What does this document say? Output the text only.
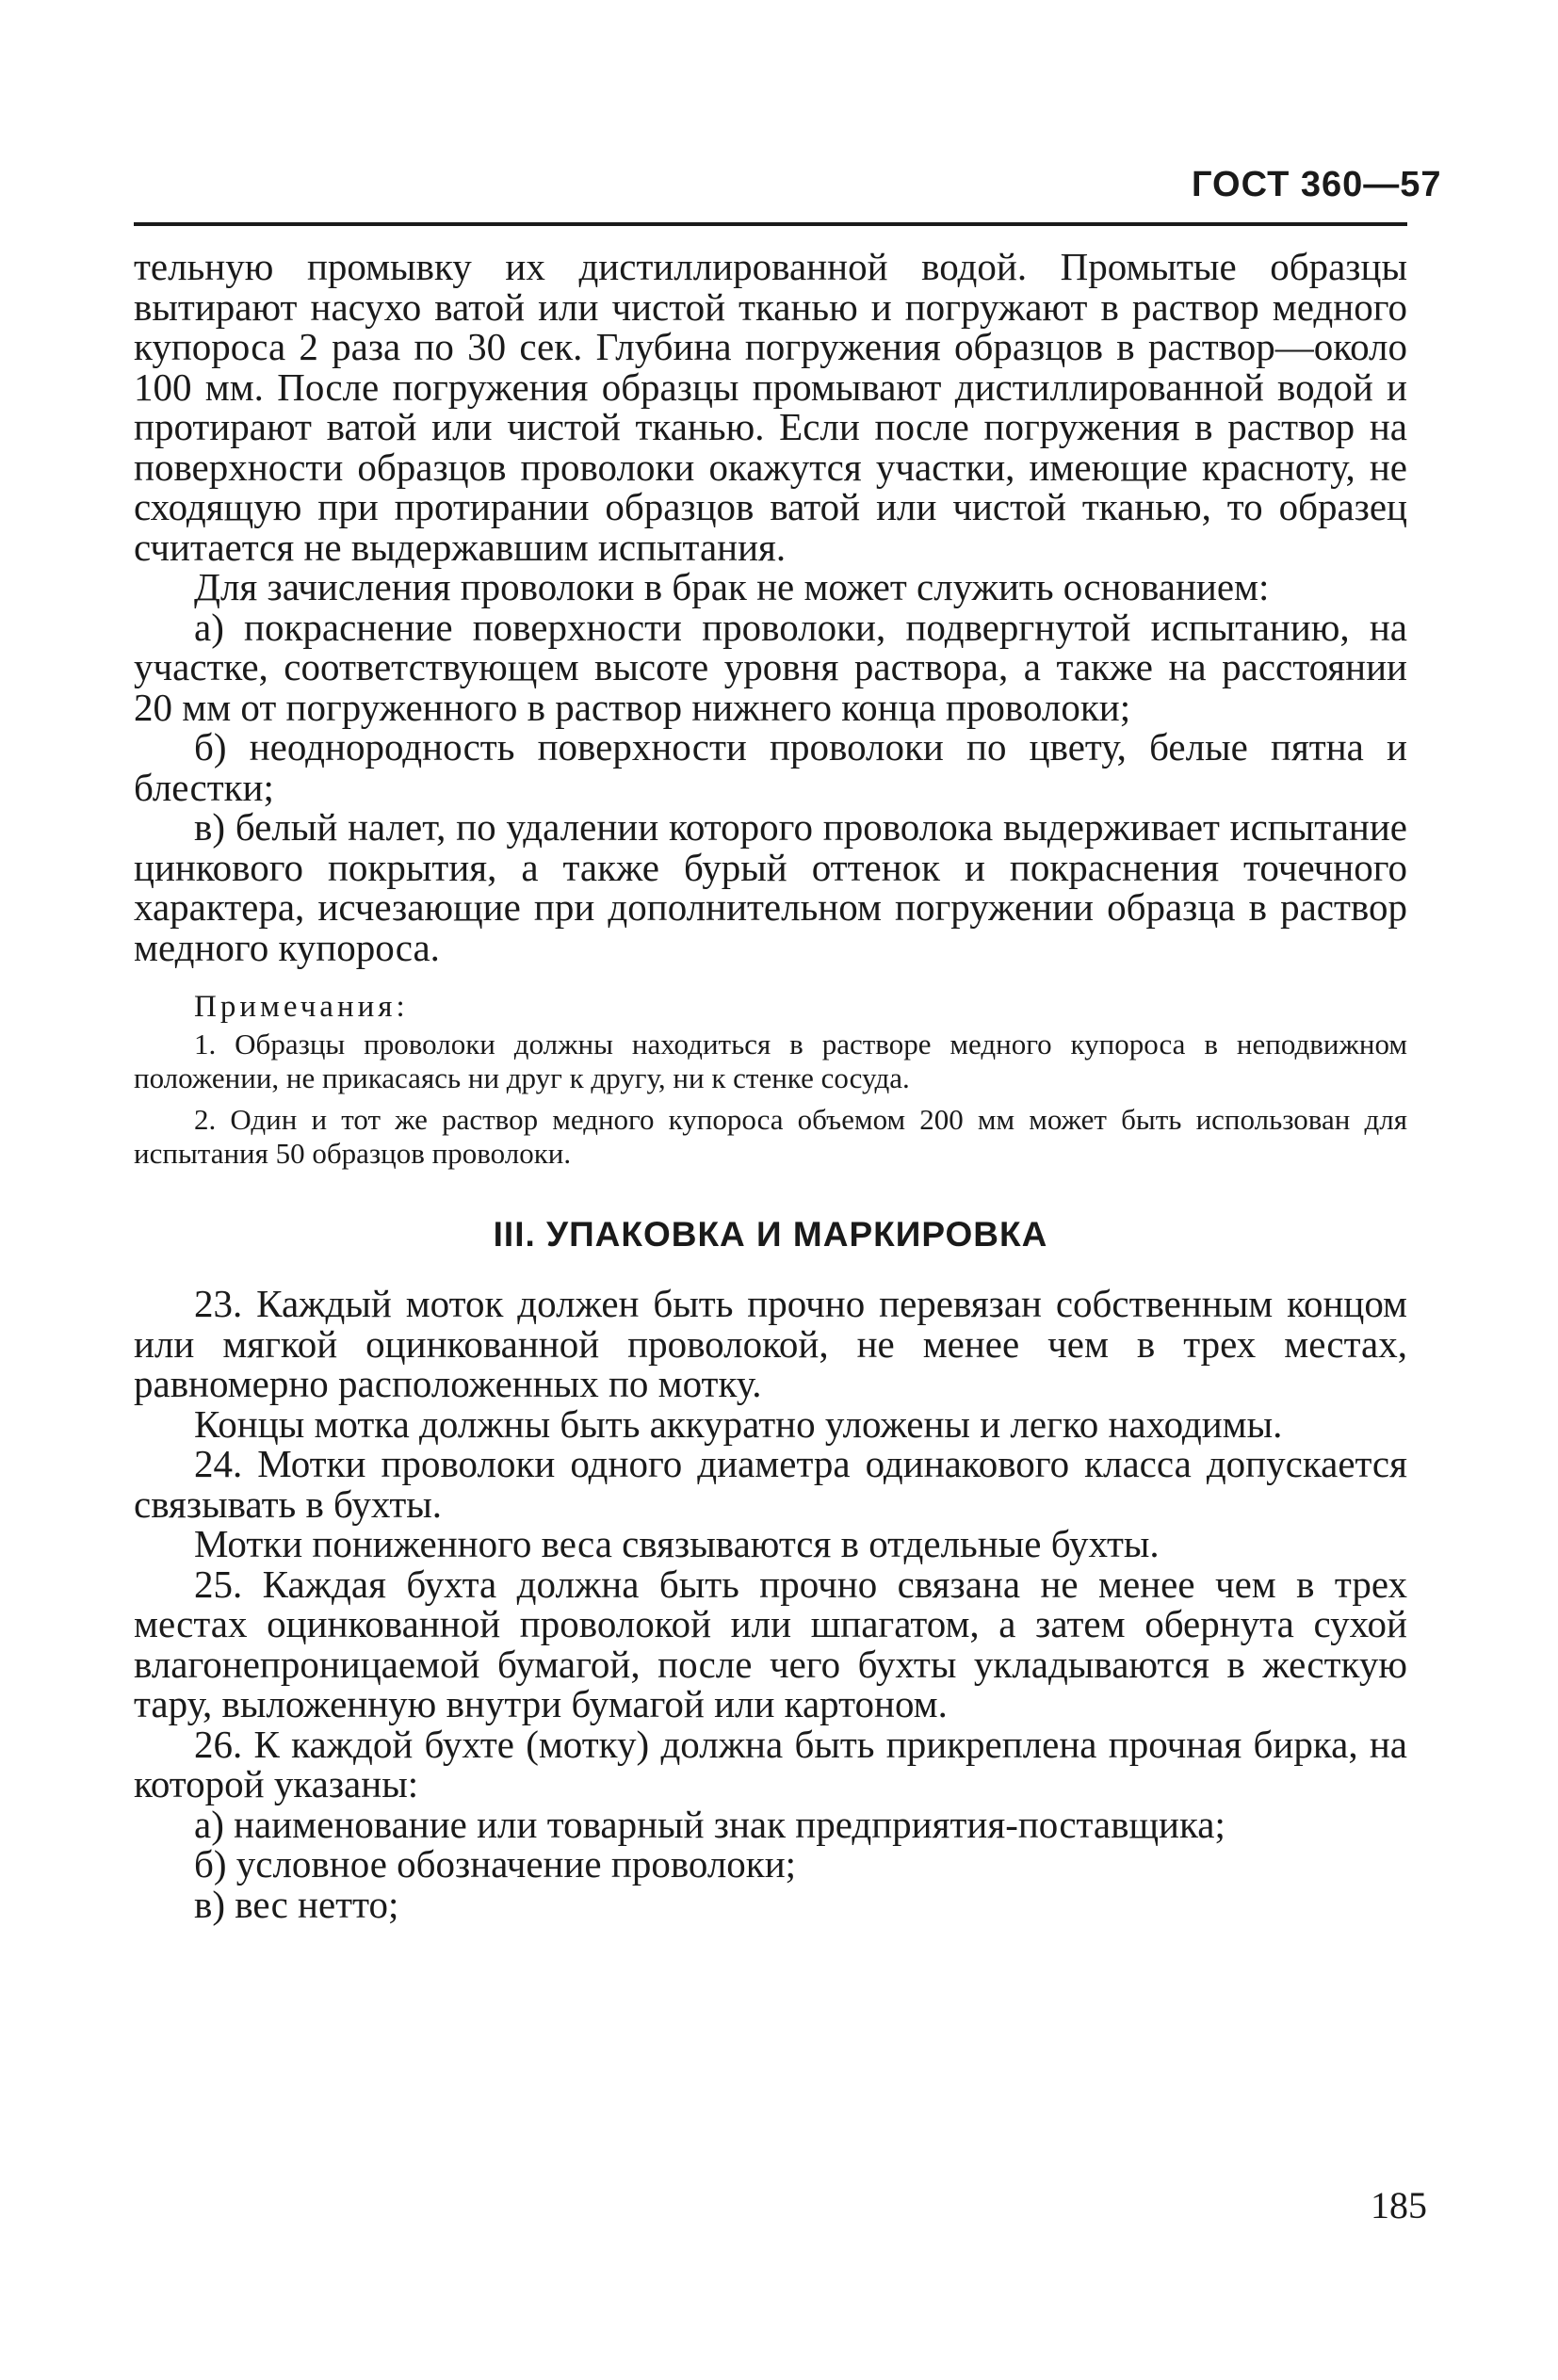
ГОСТ 360—57

тельную промывку их дистиллированной водой. Промытые образцы вытирают насухо ватой или чистой тканью и погружают в раствор медного купороса 2 раза по 30 сек. Глубина погружения образцов в раствор—около 100 мм. После погружения образцы промывают дистиллированной водой и протирают ватой или чистой тканью. Если после погружения в раствор на поверхности образцов проволоки окажутся участки, имеющие красноту, не сходящую при протирании образцов ватой или чистой тканью, то образец считается не выдержавшим испытания.

Для зачисления проволоки в брак не может служить основанием:

а) покраснение поверхности проволоки, подвергнутой испытанию, на участке, соответствующем высоте уровня раствора, а также на расстоянии 20 мм от погруженного в раствор нижнего конца проволоки;

б) неоднородность поверхности проволоки по цвету, белые пятна и блестки;

в) белый налет, по удалении которого проволока выдерживает испытание цинкового покрытия, а также бурый оттенок и покраснения точечного характера, исчезающие при дополнительном погружении образца в раствор медного купороса.

Примечания:

1. Образцы проволоки должны находиться в растворе медного купороса в неподвижном положении, не прикасаясь ни друг к другу, ни к стенке сосуда.

2. Один и тот же раствор медного купороса объемом 200 мм может быть использован для испытания 50 образцов проволоки.

III. УПАКОВКА И МАРКИРОВКА

23. Каждый моток должен быть прочно перевязан собственным концом или мягкой оцинкованной проволокой, не менее чем в трех местах, равномерно расположенных по мотку.

Концы мотка должны быть аккуратно уложены и легко находимы.

24. Мотки проволоки одного диаметра одинакового класса допускается связывать в бухты.

Мотки пониженного веса связываются в отдельные бухты.

25. Каждая бухта должна быть прочно связана не менее чем в трех местах оцинкованной проволокой или шпагатом, а затем обернута сухой влагонепроницаемой бумагой, после чего бухты укладываются в жесткую тару, выложенную внутри бумагой или картоном.

26. К каждой бухте (мотку) должна быть прикреплена прочная бирка, на которой указаны:

а) наименование или товарный знак предприятия-поставщика;

б) условное обозначение проволоки;

в) вес нетто;

185
